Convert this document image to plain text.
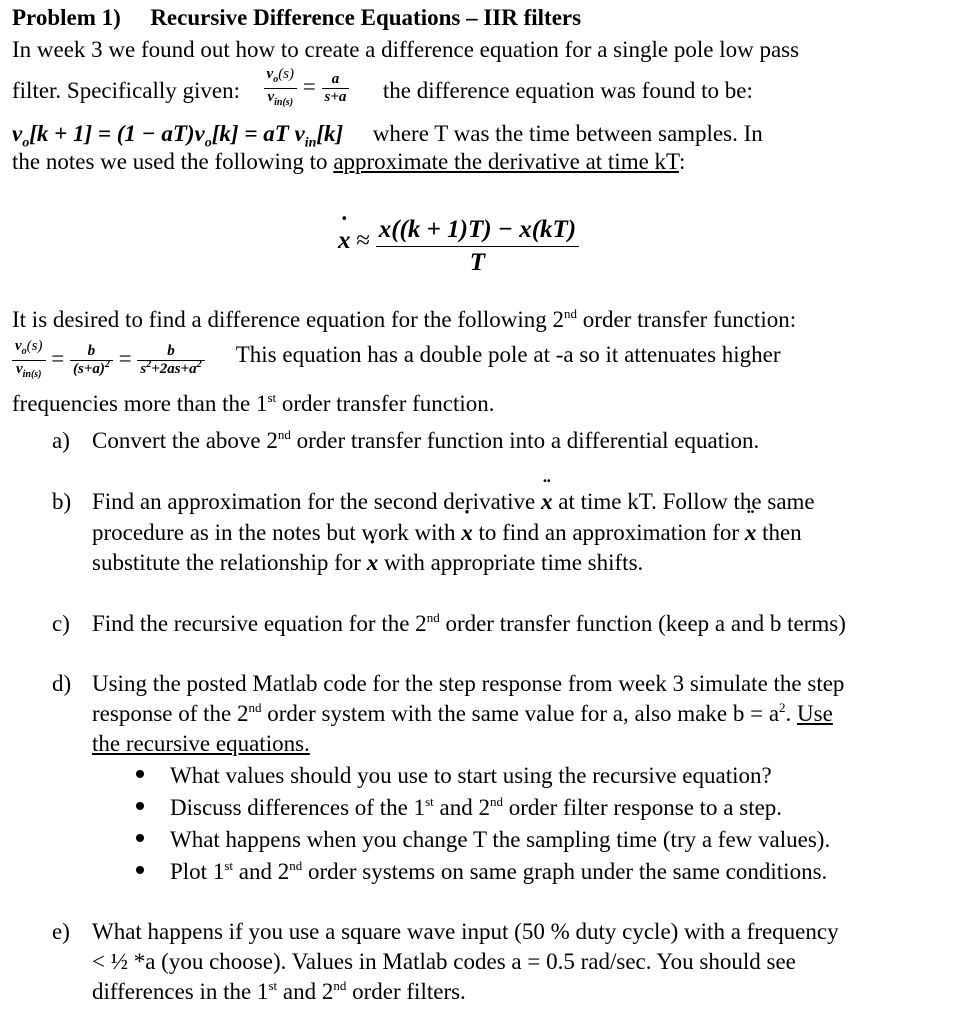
Problem 1) Recursive Difference Equations – IIR filters
In week 3 we found out how to create a difference equation for a single pole low pass
filter. Specifically given: $\frac{v_o(s)}{v_{in(s)}} = \frac{a}{s+a}$ the difference equation was found to be:
$v_o[k + 1] = (1 - aT)v_o[k]$ = aT $v_{in}[k]$ where T was the time between samples. In
the notes we used the following to approximate the derivative at time kT:
˙ $x \approx \frac{x((k + 1)T) - x(kT)}{T}$
It is desired to find a difference equation for the following 2nd order transfer function:
$\frac{v_o(s)}{v_{in(s)}} = \frac{b}{(s+a)^2} = \frac{b}{s^2+2as+a^2}$ This equation has a double pole at -a so it attenuates higher
frequencies more than the 1st order transfer function.
a) Convert the above 2nd order transfer function into a differential equation.
b) Find an approximation for the second derivative ¨ x at time kT. Follow the same
procedure as in the notes but work with ˙ x to find an approximation for ¨ x then
substitute the relationship for ˙ x with appropriate time shifts.
c) Find the recursive equation for the 2nd order transfer function (keep a and b terms)
d) Using the posted Matlab code for the step response from week 3 simulate the step
response of the 2nd order system with the same value for a, also make $b = a^2$. Use
the recursive equations.
What values should you use to start using the recursive equation?
Discuss differences of the 1st and 2nd order filter response to a step.
What happens when you change T the sampling time (try a few values).
Plot 1st and 2nd order systems on same graph under the same conditions.
e) What happens if you use a square wave input (50 % duty cycle) with a frequency
< ½ *a (you choose). Values in Matlab codes a = 0.5 rad/sec. You should see
differences in the 1st and 2nd order filters.
